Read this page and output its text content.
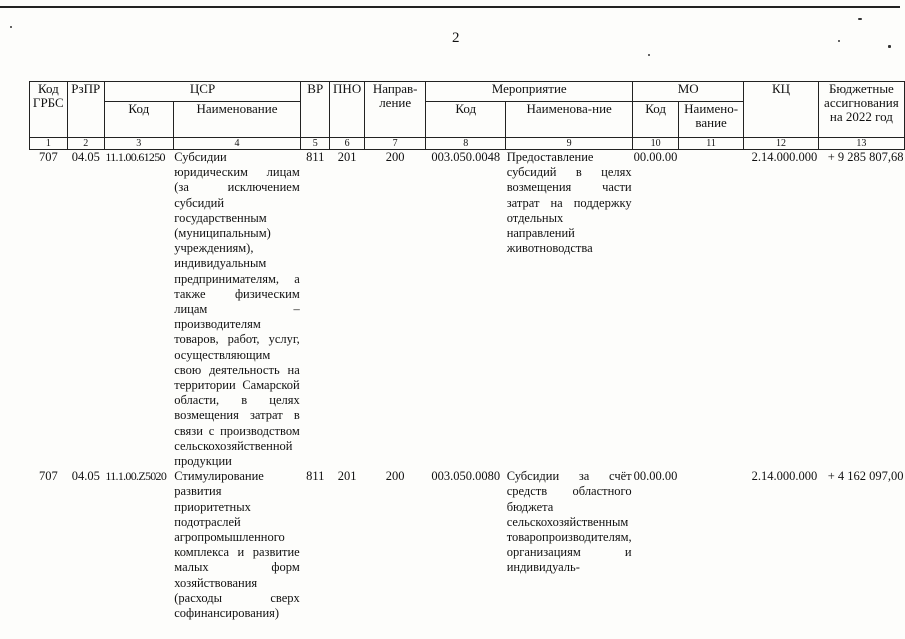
2
Код ГРБС	РзПР	ЦСР		ВР	ПНО	Направ-ление	Мероприятие		МО		КЦ	Бюджетные ассигнования на 2022 год
		Код	Наименование				Код	Наименова-ние	Код	Наимено-вание		
1	2	3	4	5	6	7	8	9	10	11	12	13
707	04.05	11.1.00.61250	Субсидии юридическим лицам (за исключением субсидий государственным (муниципальным) учреждениям), индивидуальным предпринимателям, а также физическим лицам – производителям товаров, работ, услуг, осуществляющим свою деятельность на территории Самарской области, в целях возмещения затрат в связи с производством сельскохозяйственной продукции	811	201	200	003.050.0048	Предоставление субсидий в целях возмещения части затрат на поддержку отдельных направлений животноводства	00.00.00		2.14.000.000	+ 9 285 807,68
707	04.05	11.1.00.Z5020	Стимулирование развития приоритетных подотраслей агропромышленного комплекса и развитие малых форм хозяйствования (расходы сверх софинансирования)	811	201	200	003.050.0080	Субсидии за счёт средств областного бюджета сельскохозяйственным товаропроизводителям, организациям и индивидуаль-	00.00.00		2.14.000.000	+ 4 162 097,00
